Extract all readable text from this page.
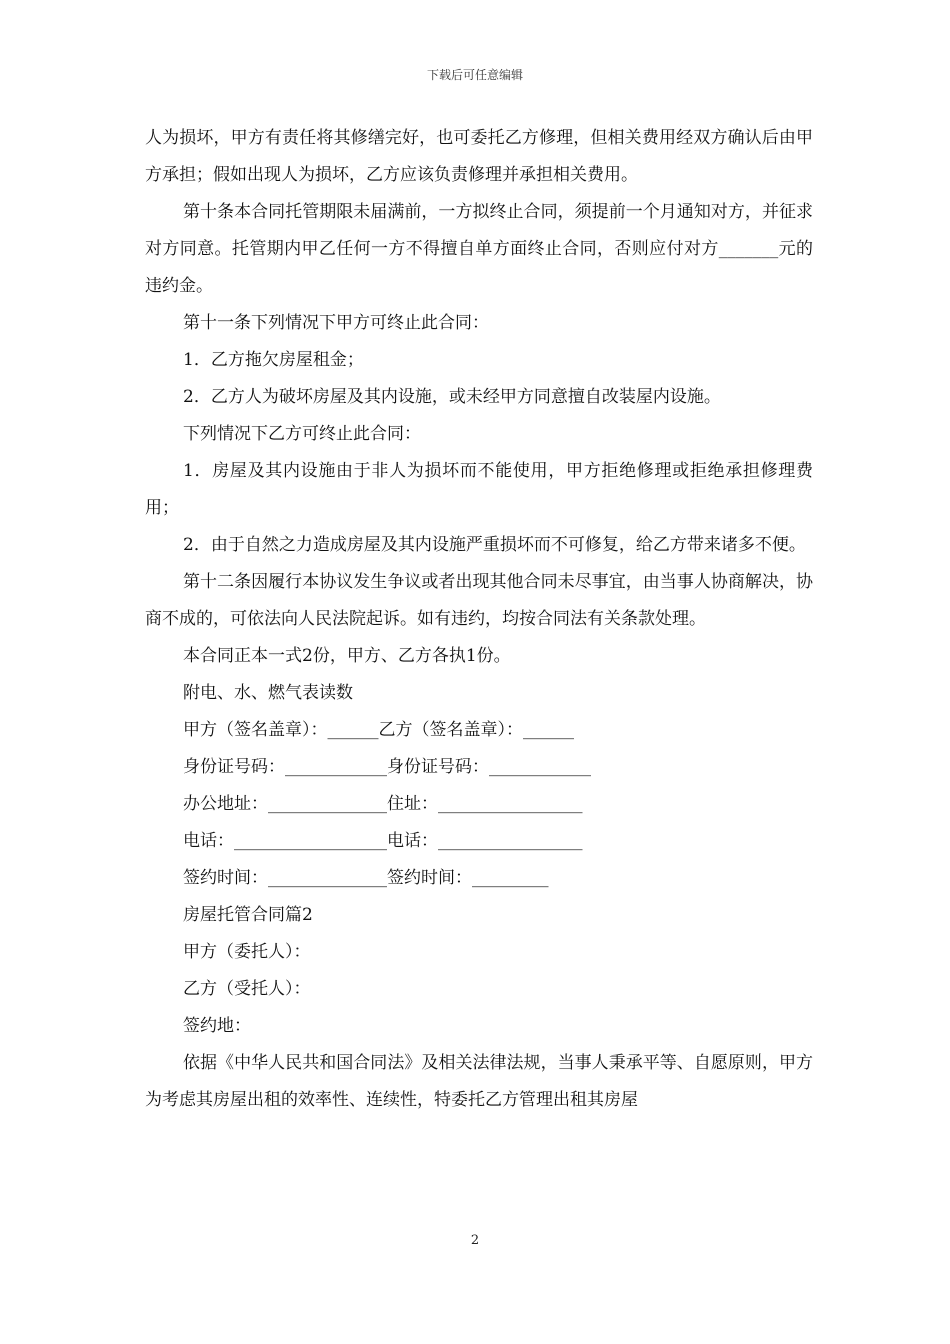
下载后可任意编辑

人为损坏，甲方有责任将其修缮完好，也可委托乙方修理，但相关费用经双方确认后由甲方承担；假如出现人为损坏，乙方应该负责修理并承担相关费用。

第十条本合同托管期限未届满前，一方拟终止合同，须提前一个月通知对方，并征求对方同意。托管期内甲乙任何一方不得擅自单方面终止合同，否则应付对方_______元的违约金。

第十一条下列情况下甲方可终止此合同：

1．乙方拖欠房屋租金；

2．乙方人为破坏房屋及其内设施，或未经甲方同意擅自改装屋内设施。

下列情况下乙方可终止此合同：

1．房屋及其内设施由于非人为损坏而不能使用，甲方拒绝修理或拒绝承担修理费用；

2．由于自然之力造成房屋及其内设施严重损坏而不可修复，给乙方带来诸多不便。

第十二条因履行本协议发生争议或者出现其他合同未尽事宜，由当事人协商解决，协商不成的，可依法向人民法院起诉。如有违约，均按合同法有关条款处理。

本合同正本一式2份，甲方、乙方各执1份。

附电、水、燃气表读数

甲方（签名盖章）：______乙方（签名盖章）：______

身份证号码：____________身份证号码：____________

办公地址：______________住址：_________________

电话：__________________电话：_________________

签约时间：______________签约时间：_________

房屋托管合同篇2

甲方（委托人）：

乙方（受托人）：

签约地：

依据《中华人民共和国合同法》及相关法律法规，当事人秉承平等、自愿原则，甲方为考虑其房屋出租的效率性、连续性，特委托乙方管理出租其房屋

2
